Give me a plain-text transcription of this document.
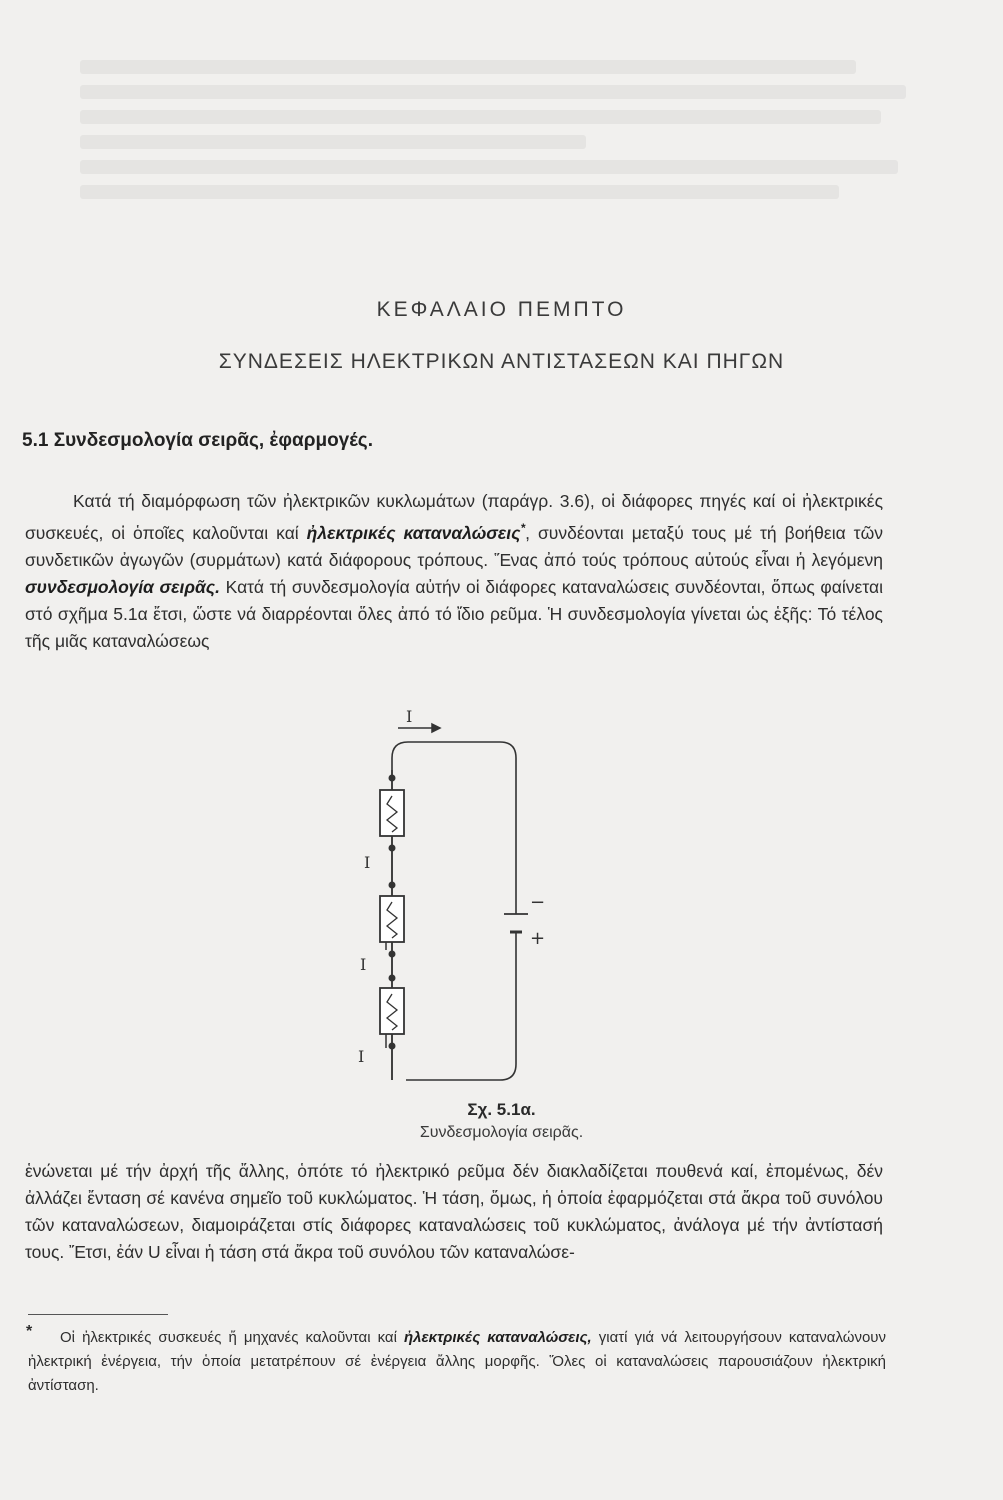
ΚΕΦΑΛΑΙΟ ΠΕΜΠΤΟ
ΣΥΝΔΕΣΕΙΣ ΗΛΕΚΤΡΙΚΩΝ ΑΝΤΙΣΤΑΣΕΩΝ ΚΑΙ ΠΗΓΩΝ
5.1 Συνδεσμολογία σειρᾶς, ἐφαρμογές.
Κατά τή διαμόρφωση τῶν ἠλεκτρικῶν κυκλωμάτων (παράγρ. 3.6), οἱ διάφορες πηγές καί οἱ ἠλεκτρικές συσκευές, οἱ ὁποῖες καλοῦνται καί ἠλεκτρικές καταναλώσεις*, συνδέονται μεταξύ τους μέ τή βοήθεια τῶν συνδετικῶν ἀγωγῶν (συρμάτων) κατά διάφορους τρόπους. Ἕνας ἀπό τούς τρόπους αὐτούς εἶναι ἡ λεγόμενη συνδεσμολογία σειρᾶς. Κατά τή συνδεσμολογία αὐτήν οἱ διάφορες καταναλώσεις συνδέονται, ὅπως φαίνεται στό σχῆμα 5.1α ἔτσι, ὥστε νά διαρρέονται ὅλες ἀπό τό ἴδιο ρεῦμα. Ἡ συνδεσμολογία γίνεται ὡς ἑξῆς: Τό τέλος τῆς μιᾶς καταναλώσεως
I
I
I
I
−
+
Σχ. 5.1α.
Συνδεσμολογία σειρᾶς.
ἑνώνεται μέ τήν ἀρχή τῆς ἄλλης, ὁπότε τό ἠλεκτρικό ρεῦμα δέν διακλαδίζεται πουθενά καί, ἐπομένως, δέν ἀλλάζει ἔνταση σέ κανένα σημεῖο τοῦ κυκλώματος. Ἡ τάση, ὅμως, ἡ ὁποία ἐφαρμόζεται στά ἄκρα τοῦ συνόλου τῶν καταναλώσεων, διαμοιράζεται στίς διάφορες καταναλώσεις τοῦ κυκλώματος, ἀνάλογα μέ τήν ἀντίστασή τους. Ἔτσι, ἐάν U εἶναι ἡ τάση στά ἄκρα τοῦ συνόλου τῶν καταναλώσε-
*	Οἱ ἠλεκτρικές συσκευές ἤ μηχανές καλοῦνται καί ἠλεκτρικές καταναλώσεις, γιατί γιά νά λειτουργήσουν καταναλώνουν ἠλεκτρική ἐνέργεια, τήν ὁποία μετατρέπουν σέ ἐνέργεια ἄλλης μορφῆς. Ὅλες οἱ καταναλώσεις παρουσιάζουν ἠλεκτρική ἀντίσταση.
